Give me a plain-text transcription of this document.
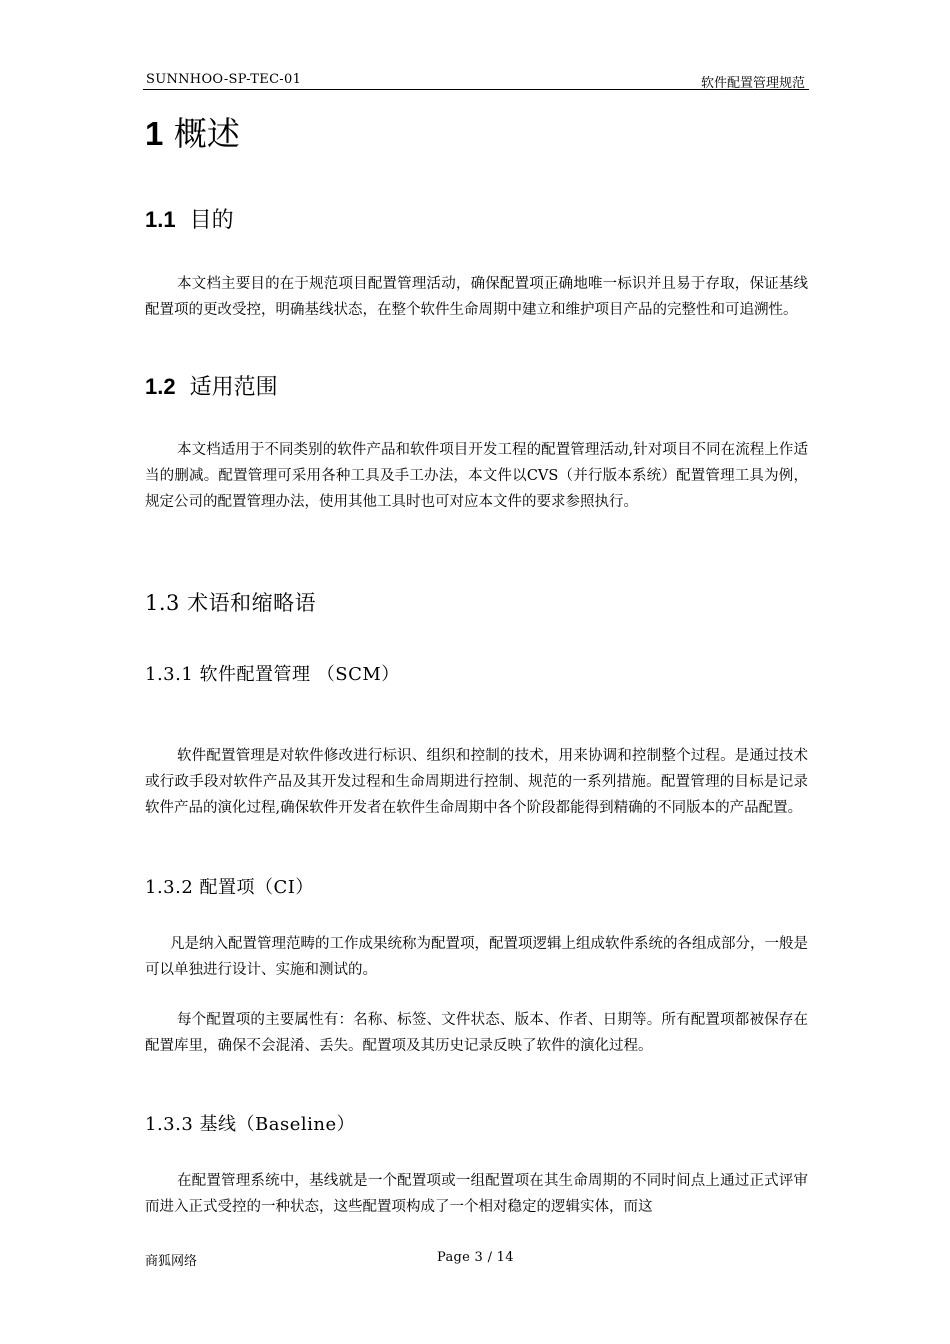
SUNNHOO-SP-TEC-01	软件配置管理规范
1 概述
1.1 目的
本文档主要目的在于规范项目配置管理活动，确保配置项正确地唯一标识并且易于存取，保证基线配置项的更改受控，明确基线状态，在整个软件生命周期中建立和维护项目产品的完整性和可追溯性。
1.2 适用范围
本文档适用于不同类别的软件产品和软件项目开发工程的配置管理活动,针对项目不同在流程上作适当的删减。配置管理可采用各种工具及手工办法，本文件以CVS（并行版本系统）配置管理工具为例，规定公司的配置管理办法，使用其他工具时也可对应本文件的要求参照执行。
1.3 术语和缩略语
1.3.1 软件配置管理 （SCM）
软件配置管理是对软件修改进行标识、组织和控制的技术，用来协调和控制整个过程。是通过技术或行政手段对软件产品及其开发过程和生命周期进行控制、规范的一系列措施。配置管理的目标是记录软件产品的演化过程,确保软件开发者在软件生命周期中各个阶段都能得到精确的不同版本的产品配置。
1.3.2 配置项（CI）
凡是纳入配置管理范畴的工作成果统称为配置项，配置项逻辑上组成软件系统的各组成部分，一般是可以单独进行设计、实施和测试的。
每个配置项的主要属性有：名称、标签、文件状态、版本、作者、日期等。所有配置项都被保存在配置库里，确保不会混淆、丢失。配置项及其历史记录反映了软件的演化过程。
1.3.3 基线（Baseline）
在配置管理系统中，基线就是一个配置项或一组配置项在其生命周期的不同时间点上通过正式评审而进入正式受控的一种状态，这些配置项构成了一个相对稳定的逻辑实体，而这
商狐网络	Page 3 / 14
